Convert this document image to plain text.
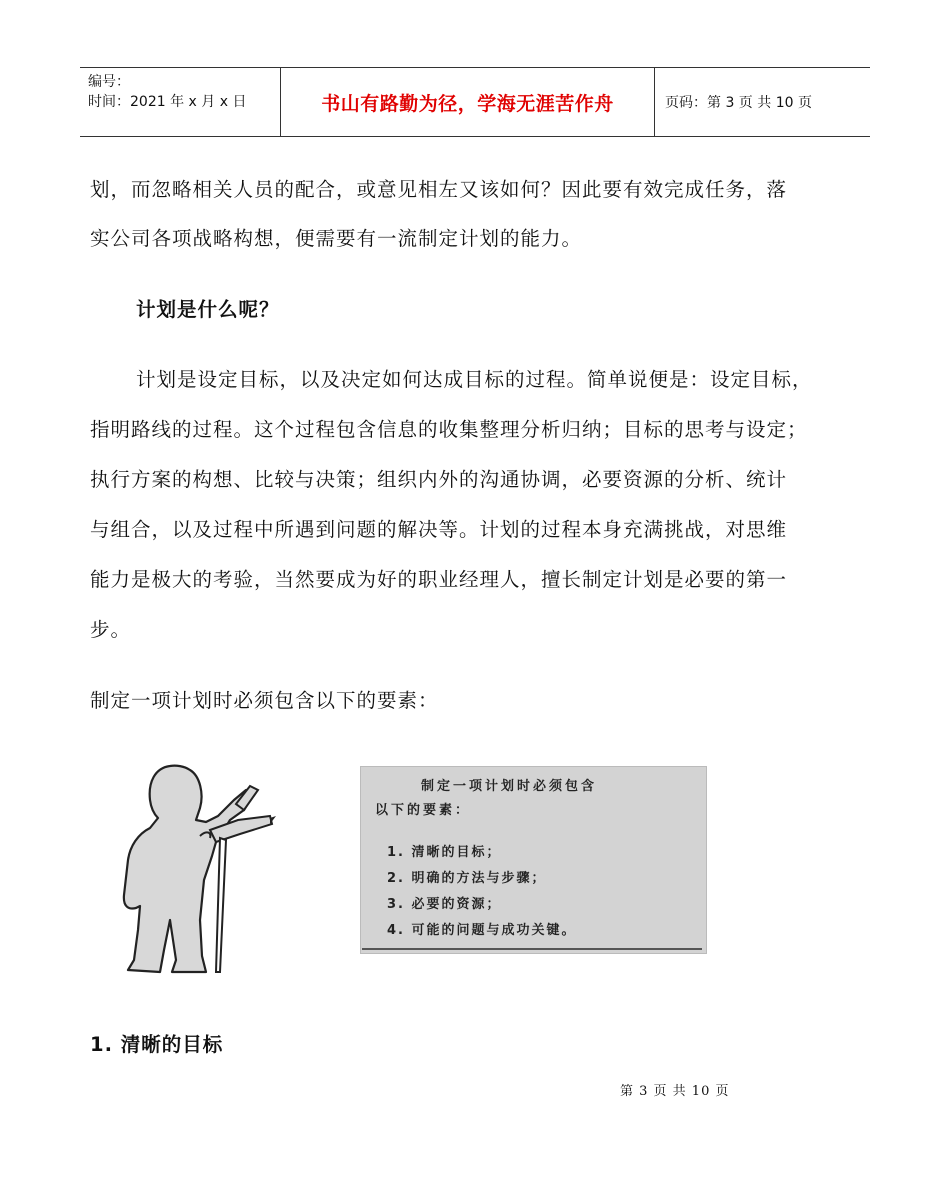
编号：
时间：2021 年 x 月 x 日	书山有路勤为径，学海无涯苦作舟	页码：第 3 页 共 10 页
划，而忽略相关人员的配合，或意见相左又该如何？因此要有效完成任务，落
实公司各项战略构想，便需要有一流制定计划的能力。
计划是什么呢？
计划是设定目标，以及决定如何达成目标的过程。简单说便是：设定目标，
指明路线的过程。这个过程包含信息的收集整理分析归纳；目标的思考与设定；
执行方案的构想、比较与决策；组织内外的沟通协调，必要资源的分析、统计
与组合，以及过程中所遇到问题的解决等。计划的过程本身充满挑战，对思维
能力是极大的考验，当然要成为好的职业经理人，擅长制定计划是必要的第一
步。
制定一项计划时必须包含以下的要素：
制定一项计划时必须包含
以下的要素：
1. 清晰的目标；
2. 明确的方法与步骤；
3. 必要的资源；
4. 可能的问题与成功关键。
1. 清晰的目标
第 3 页 共 10 页
